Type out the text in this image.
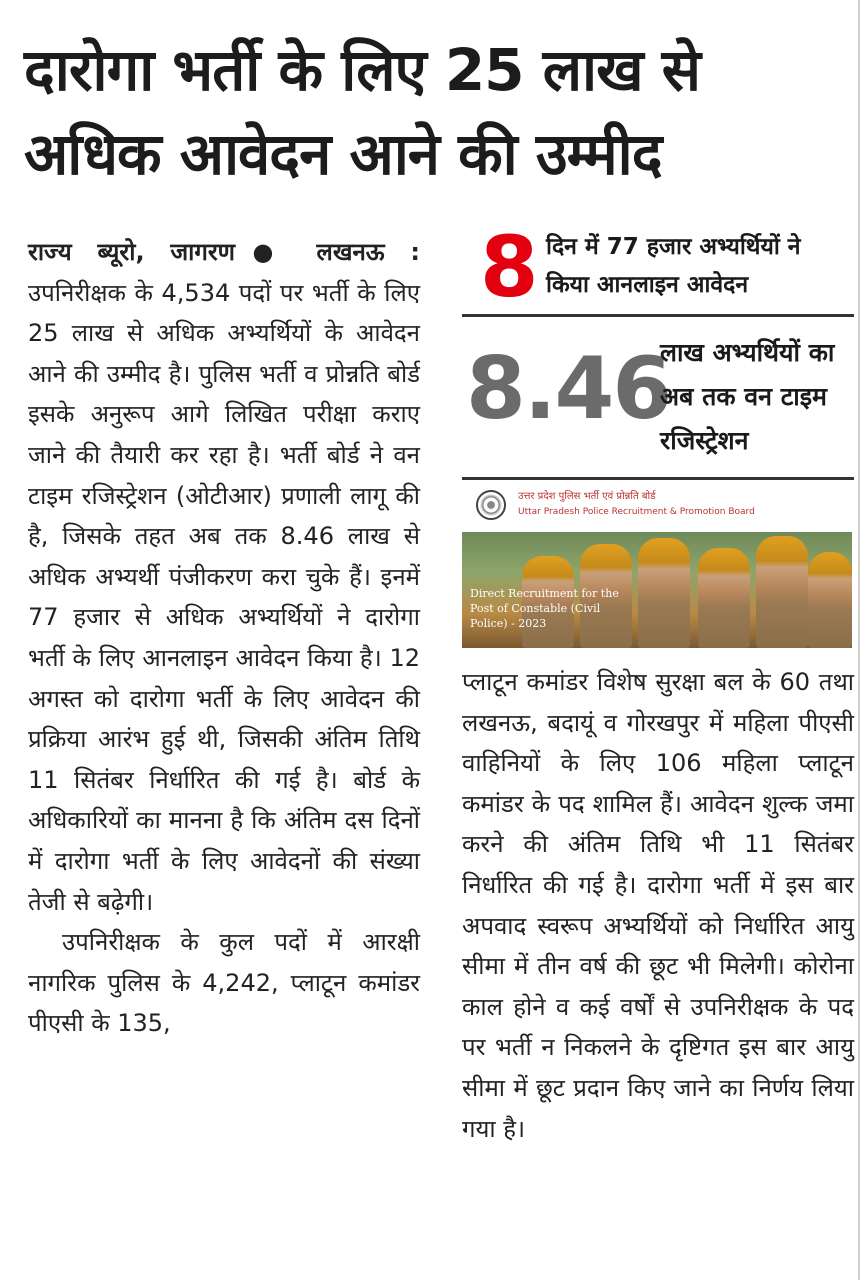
दारोगा भर्ती के लिए 25 लाख से
अधिक आवेदन आने की उम्मीद

राज्य ब्यूरो, जागरण● लखनऊ : उपनिरीक्षक के 4,534 पदों पर भर्ती के लिए 25 लाख से अधिक अभ्यर्थियों के आवेदन आने की उम्मीद है। पुलिस भर्ती व प्रोन्नति बोर्ड इसके अनुरूप आगे लिखित परीक्षा कराए जाने की तैयारी कर रहा है। भर्ती बोर्ड ने वन टाइम रजिस्ट्रेशन (ओटीआर) प्रणाली लागू की है, जिसके तहत अब तक 8.46 लाख से अधिक अभ्यर्थी पंजीकरण करा चुके हैं। इनमें 77 हजार से अधिक अभ्यर्थियों ने दारोगा भर्ती के लिए आनलाइन आवेदन किया है। 12 अगस्त को दारोगा भर्ती के लिए आवेदन की प्रक्रिया आरंभ हुई थी, जिसकी अंतिम तिथि 11 सितंबर निर्धारित की गई है। बोर्ड के अधिकारियों का मानना है कि अंतिम दस दिनों में दारोगा भर्ती के लिए आवेदनों की संख्या तेजी से बढ़ेगी।

उपनिरीक्षक के कुल पदों में आरक्षी नागरिक पुलिस के 4,242, प्लाटून कमांडर पीएसी के 135,

8 दिन में 77 हजार अभ्यर्थियों ने किया आनलाइन आवेदन
8.46
लाख अभ्यर्थियों का अब तक वन टाइम रजिस्ट्रेशन
उत्तर प्रदेश पुलिस भर्ती एवं प्रोन्नति बोर्ड
Uttar Pradesh Police Recruitment & Promotion Board
Direct Recruitment for the Post of Constable (Civil Police) - 2023

प्लाटून कमांडर विशेष सुरक्षा बल के 60 तथा लखनऊ, बदायूं व गोरखपुर में महिला पीएसी वाहिनियों के लिए 106 महिला प्लाटून कमांडर के पद शामिल हैं। आवेदन शुल्क जमा करने की अंतिम तिथि भी 11 सितंबर निर्धारित की गई है। दारोगा भर्ती में इस बार अपवाद स्वरूप अभ्यर्थियों को निर्धारित आयु सीमा में तीन वर्ष की छूट भी मिलेगी। कोरोना काल होने व कई वर्षों से उपनिरीक्षक के पद पर भर्ती न निकलने के दृष्टिगत इस बार आयु सीमा में छूट प्रदान किए जाने का निर्णय लिया गया है।
